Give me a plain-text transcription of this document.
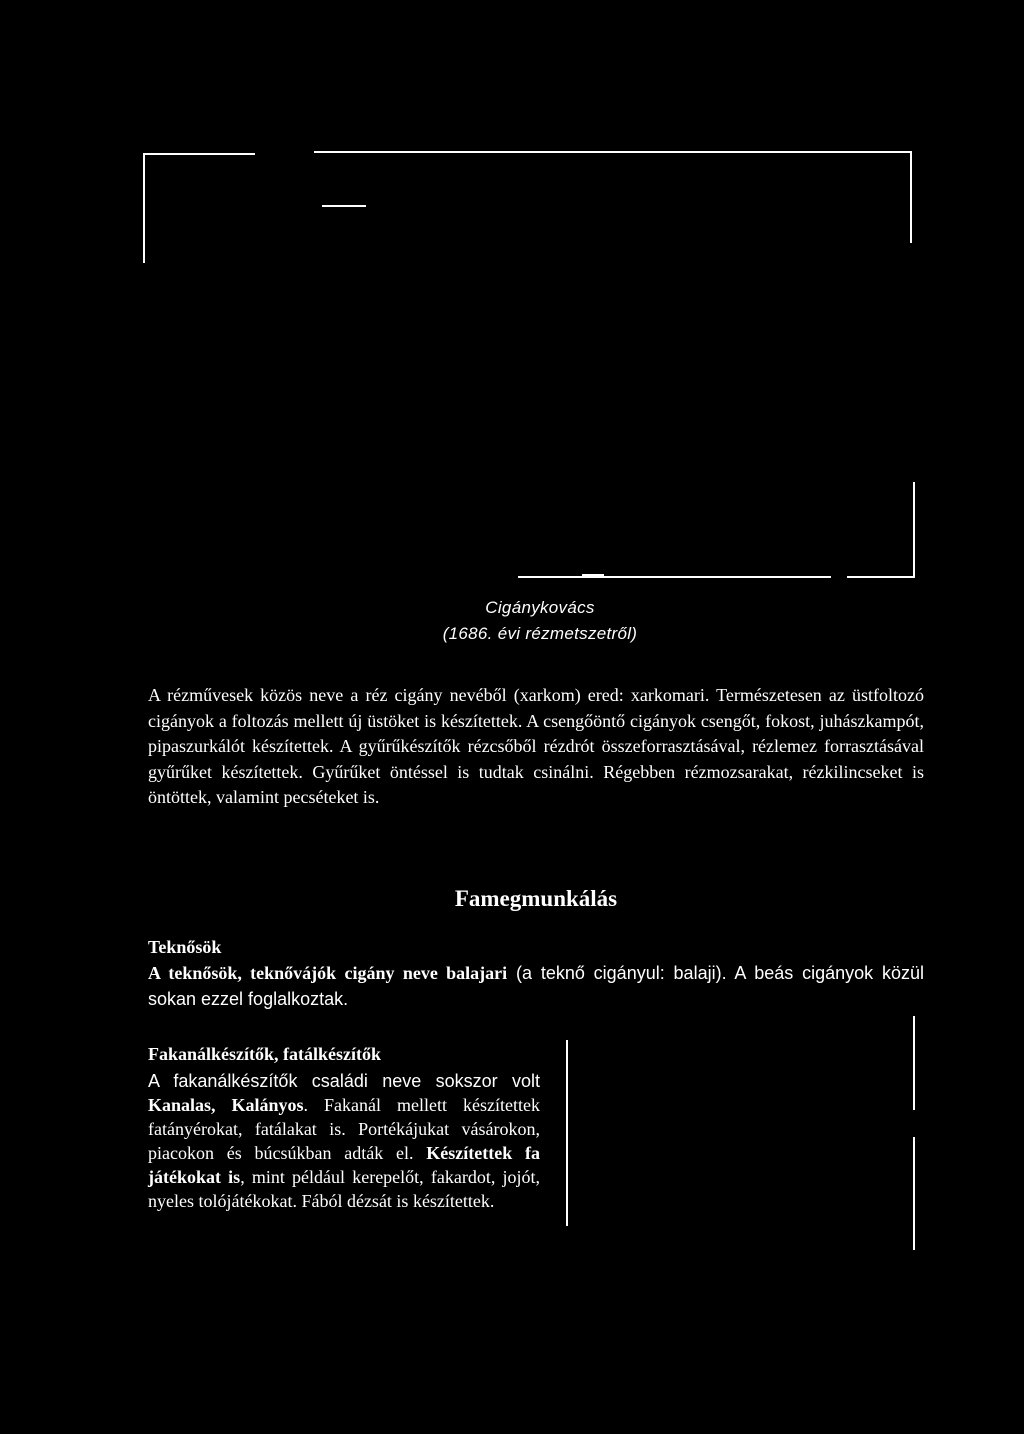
Cigánykovács
(1686. évi rézmetszetről)

A rézművesek közös neve a réz cigány nevéből (xarkom) ered: xarkomari. Természetesen az üstfoltozó cigányok a foltozás mellett új üstöket is készítettek. A csengőöntő cigányok csengőt, fokost, juhászkampót, pipaszurkálót készítettek. A gyűrűkészítők rézcsőből rézdrót összeforrasztásával, rézlemez forrasztásával gyűrűket készítettek. Gyűrűket öntéssel is tudtak csinálni. Régebben rézmozsarakat, rézkilincseket is öntöttek, valamint pecséteket is.

Famegmunkálás
Teknősök

A teknősök, teknővájók cigány neve balajari (a teknő cigányul: balaji). A beás cigányok közül sokan ezzel foglalkoztak.

Fakanálkészítők, fatálkészítők

A fakanálkészítők családi neve sokszor volt Kanalas, Kalányos. Fakanál mellett készítettek fatányérokat, fatálakat is. Portékájukat vásárokon, piacokon és búcsúkban adták el. Készítettek fa játékokat is, mint például kerepelőt, fakardot, jojót, nyeles tolójátékokat. Fából dézsát is készítettek.
